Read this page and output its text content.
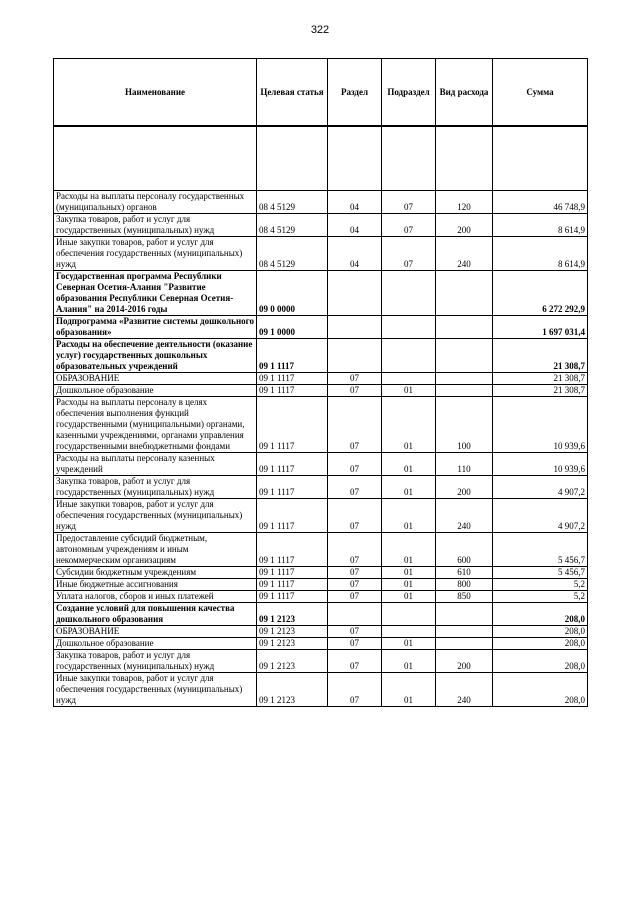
322
Наименование	Целевая статья	Раздел	Подраздел	Вид расхода	Сумма

Расходы на выплаты персоналу государственных (муниципальных) органов	08 4 5129	04	07	120	46 748,9
Закупка товаров, работ и услуг для государственных (муниципальных) нужд	08 4 5129	04	07	200	8 614,9
Иные закупки товаров, работ и услуг для обеспечения государственных (муниципальных) нужд	08 4 5129	04	07	240	8 614,9
Государственная программа Республики Северная Осетия-Алания "Развитие образования Республики Северная Осетия-Алания" на 2014-2016 годы	09 0 0000				6 272 292,9
Подпрограмма «Развитие системы дошкольного образования»	09 1 0000				1 697 031,4
Расходы на обеспечение деятельности (оказание услуг) государственных дошкольных образовательных учреждений	09 1 1117				21 308,7
ОБРАЗОВАНИЕ	09 1 1117	07			21 308,7
Дошкольное образование	09 1 1117	07	01		21 308,7
Расходы на выплаты персоналу в целях обеспечения выполнения функций государственными (муниципальными) органами, казенными учреждениями, органами управления государственными внебюджетными фондами	09 1 1117	07	01	100	10 939,6
Расходы на выплаты персоналу казенных учреждений	09 1 1117	07	01	110	10 939,6
Закупка товаров, работ и услуг для государственных (муниципальных) нужд	09 1 1117	07	01	200	4 907,2
Иные закупки товаров, работ и услуг для обеспечения государственных (муниципальных) нужд	09 1 1117	07	01	240	4 907,2
Предоставление субсидий бюджетным, автономным учреждениям и иным некоммерческим организациям	09 1 1117	07	01	600	5 456,7
Субсидии бюджетным учреждениям	09 1 1117	07	01	610	5 456,7
Иные бюджетные ассигнования	09 1 1117	07	01	800	5,2
Уплата налогов, сборов и иных платежей	09 1 1117	07	01	850	5,2
Создание условий для повышения качества дошкольного образования	09 1 2123				208,0
ОБРАЗОВАНИЕ	09 1 2123	07			208,0
Дошкольное образование	09 1 2123	07	01		208,0
Закупка товаров, работ и услуг для государственных (муниципальных) нужд	09 1 2123	07	01	200	208,0
Иные закупки товаров, работ и услуг для обеспечения государственных (муниципальных) нужд	09 1 2123	07	01	240	208,0
